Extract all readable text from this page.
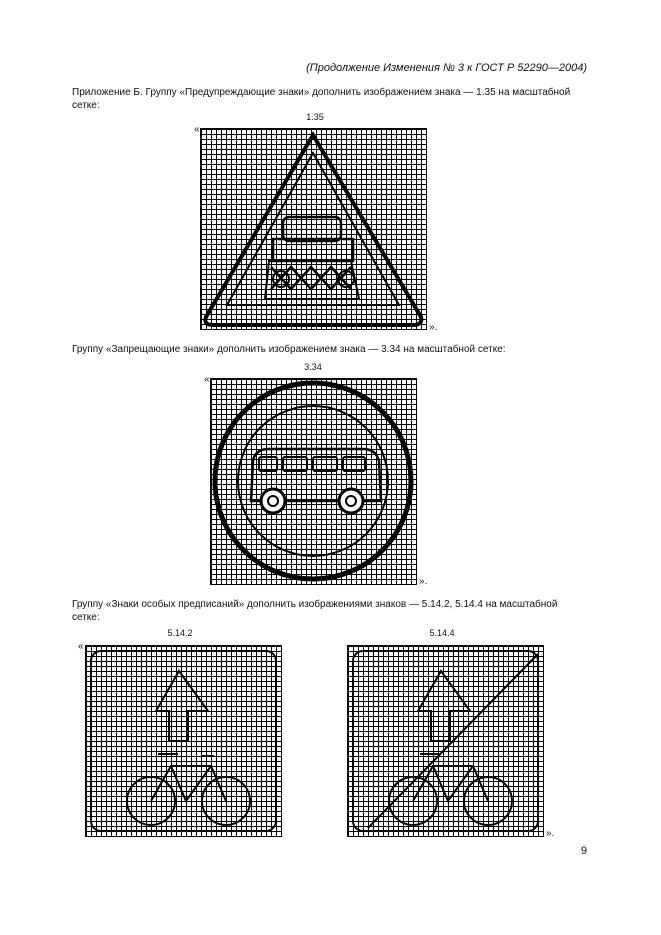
(Продолжение Изменения № 3 к ГОСТ Р 52290—2004)
Приложение Б. Группу «Предупреждающие знаки» дополнить изображением знака — 1.35 на масштабной сетке:
1.35
«
».
Группу «Запрещающие знаки» дополнить изображением знака — 3.34 на масштабной сетке:
3.34
«
».
Группу «Знаки особых предписаний» дополнить изображениями знаков — 5.14.2, 5.14.4 на масштабной сетке:
5.14.2
«
5.14.4
».
9
